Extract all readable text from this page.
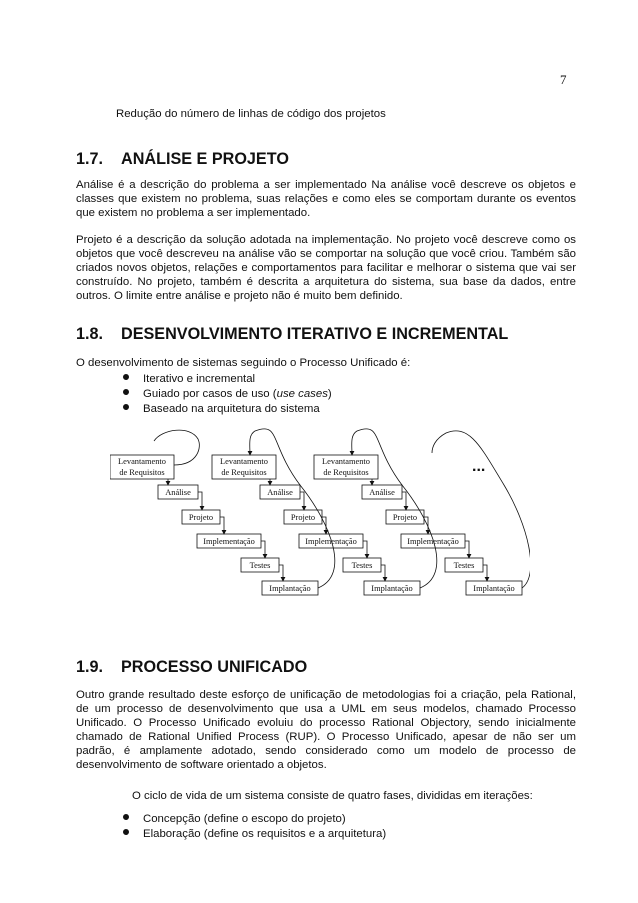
7
Redução do número de linhas de código dos projetos
1.7. ANÁLISE E PROJETO
Análise é a descrição do problema a ser implementado Na análise você descreve os objetos e classes que existem no problema, suas relações e como eles se comportam durante os eventos que existem no problema a ser implementado.
Projeto é a descrição da solução adotada na implementação. No projeto você descreve como os objetos que você descreveu na análise vão se comportar na solução que você criou. Também são criados novos objetos, relações e comportamentos para facilitar e melhorar o sistema que vai ser construído. No projeto, também é descrita a arquitetura do sistema, sua base da dados, entre outros. O limite entre análise e projeto não é muito bem definido.
1.8. DESENVOLVIMENTO ITERATIVO E INCREMENTAL
O desenvolvimento de sistemas seguindo o Processo Unificado é:
Iterativo e incremental
Guiado por casos de uso (use cases)
Baseado na arquitetura do sistema
Levantamento
de Requisitos
Análise
Projeto
Implementação
Testes
Implantação
Levantamento
de Requisitos
Análise
Projeto
Implementação
Testes
Implantação
Levantamento
de Requisitos
Análise
Projeto
Implementação
Testes
Implantação
...
1.9. PROCESSO UNIFICADO
Outro grande resultado deste esforço de unificação de metodologias foi a criação, pela Rational, de um processo de desenvolvimento que usa a UML em seus modelos, chamado Processo Unificado. O Processo Unificado evoluiu do processo Rational Objectory, sendo inicialmente chamado de Rational Unified Process (RUP). O Processo Unificado, apesar de não ser um padrão, é amplamente adotado, sendo considerado como um modelo de processo de desenvolvimento de software orientado a objetos.
O ciclo de vida de um sistema consiste de quatro fases, divididas em iterações:
Concepção (define o escopo do projeto)
Elaboração (define os requisitos e a arquitetura)
